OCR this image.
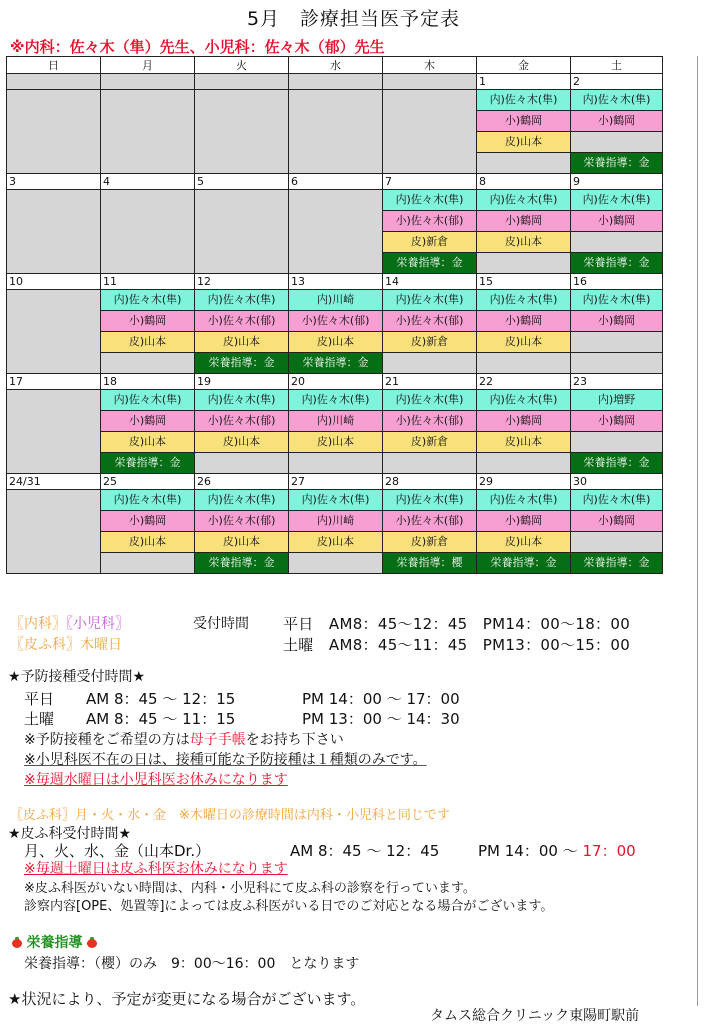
5月　診療担当医予定表
※内科：佐々木（隼）先生、小児科：佐々木（郁）先生
日	月	火	水	木	金	土
					1	2
					内)佐々木(隼)	内)佐々木(隼)
					小)鶴岡	小)鶴岡
					皮)山本	
						栄養指導：金
3	4	5	6	7	8	9
				内)佐々木(隼)	内)佐々木(隼)	内)佐々木(隼)
				小)佐々木(郁)	小)鶴岡	小)鶴岡
				皮)新倉	皮)山本	
				栄養指導：金		栄養指導：金
10	11	12	13	14	15	16
	内)佐々木(隼)	内)佐々木(隼)	内)川崎	内)佐々木(隼)	内)佐々木(隼)	内)佐々木(隼)
	小)鶴岡	小)佐々木(郁)	小)佐々木(郁)	小)佐々木(郁)	小)鶴岡	小)鶴岡
	皮)山本	皮)山本	皮)山本	皮)新倉	皮)山本	
		栄養指導：金	栄養指導：金			
17	18	19	20	21	22	23
	内)佐々木(隼)	内)佐々木(隼)	内)佐々木(隼)	内)佐々木(隼)	内)佐々木(隼)	内)増野
	小)鶴岡	小)佐々木(郁)	内)川崎	小)佐々木(郁)	小)鶴岡	小)鶴岡
	皮)山本	皮)山本	皮)山本	皮)新倉	皮)山本	
	栄養指導：金					栄養指導：金
24/31	25	26	27	28	29	30
	内)佐々木(隼)	内)佐々木(隼)	内)佐々木(隼)	内)佐々木(隼)	内)佐々木(隼)	内)佐々木(隼)
	小)鶴岡	小)佐々木(郁)	内)川崎	小)佐々木(郁)	小)鶴岡	小)鶴岡
	皮)山本	皮)山本	皮)山本	皮)新倉	皮)山本	
		栄養指導：金		栄養指導：櫻	栄養指導：金	栄養指導：金
〖内科〗〖小児科〗	受付時間 平日　AM8：45～12：45　PM14：00～18：00
〖皮ふ科〗木曜日	土曜　AM8：45～11：45　PM13：00～15：00
★予防接種受付時間★
平日 AM 8：45 ～ 12：15	PM 14：00 ～ 17：00
土曜 AM 8：45 ～ 11：15	PM 13：00 ～ 14：30
※予防接種をご希望の方は母子手帳をお持ち下さい
※小児科医不在の日は、接種可能な予防接種は１種類のみです。
※毎週水曜日は小児科医お休みになります
〖皮ふ科〗月・火・水・金　※木曜日の診療時間は内科・小児科と同じです
★皮ふ科受付時間★
月、火、水、金（山本Dr.）	AM 8：45 ～ 12：45	PM 14：00 ～ 17：00
※毎週土曜日は皮ふ科医お休みになります
※皮ふ科医がいない時間は、内科・小児科にて皮ふ科の診察を行っています。
診察内容[OPE、処置等]によっては皮ふ科医がいる日でのご対応となる場合がございます。
栄養指導
栄養指導：（櫻）のみ　9：00～16：00　となります
★状況により、予定が変更になる場合がございます。
タムス総合クリニック東陽町駅前
